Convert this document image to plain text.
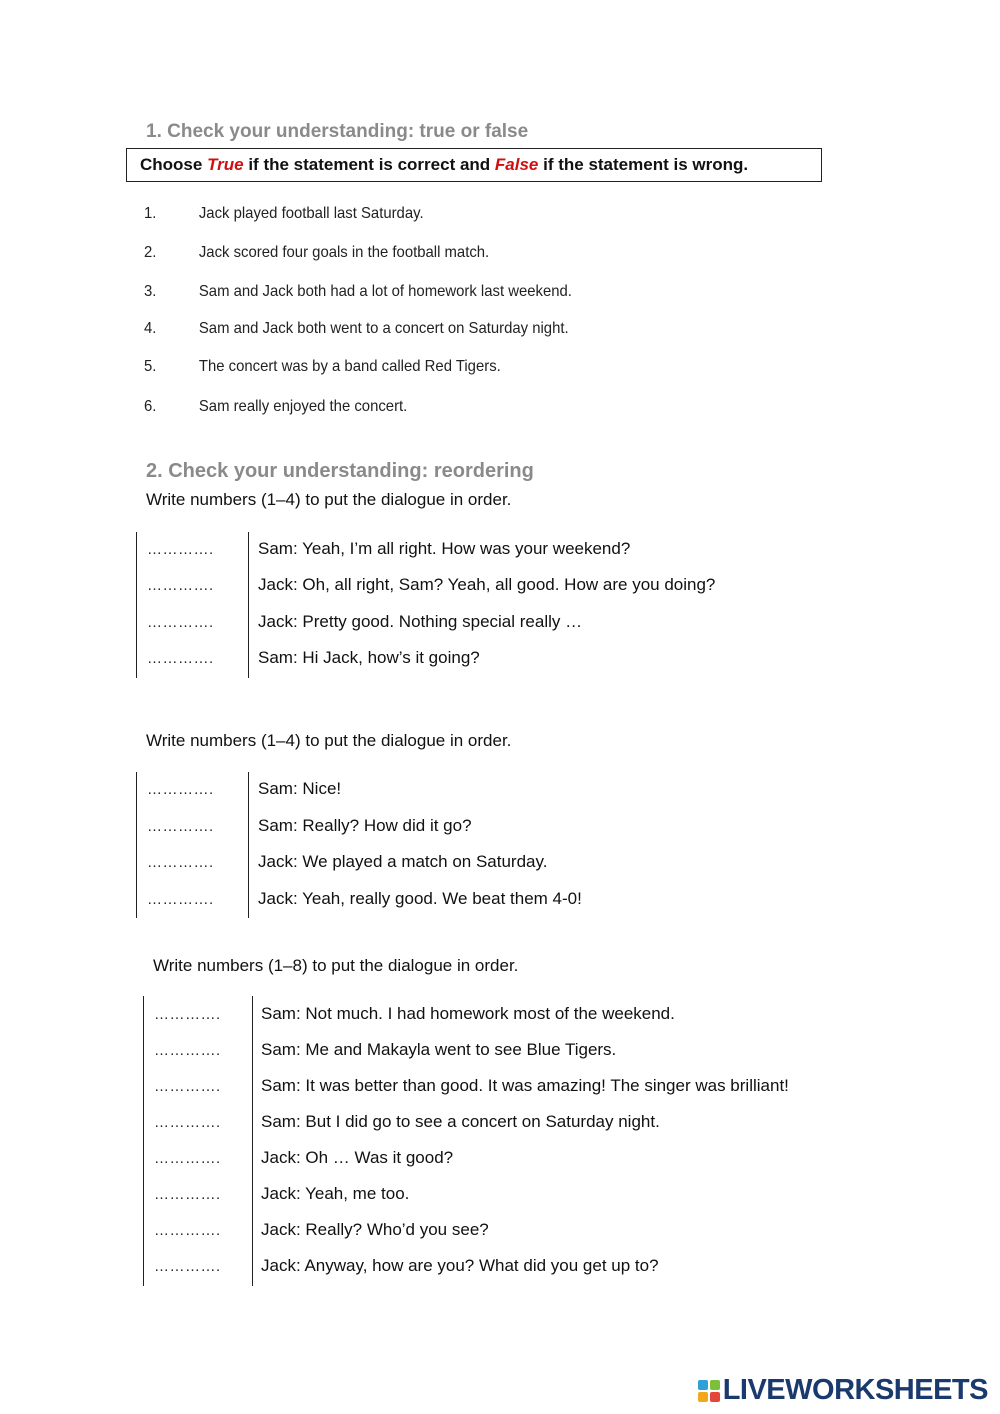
1. Check your understanding: true or false
Choose True if the statement is correct and False if the statement is wrong.
1.	Jack played football last Saturday.
2.	Jack scored four goals in the football match.
3.	Sam and Jack both had a lot of homework last weekend.
4.	Sam and Jack both went to a concert on Saturday night.
5.	The concert was by a band called Red Tigers.
6.	Sam really enjoyed the concert.
2. Check your understanding: reordering
Write numbers (1–4) to put the dialogue in order.
………….	Sam: Yeah, I’m all right. How was your weekend?
………….	Jack: Oh, all right, Sam? Yeah, all good. How are you doing?
………….	Jack: Pretty good. Nothing special really …
………….	Sam: Hi Jack, how’s it going?
Write numbers (1–4) to put the dialogue in order.
………….	Sam: Nice!
………….	Sam: Really? How did it go?
………….	Jack: We played a match on Saturday.
………….	Jack: Yeah, really good. We beat them 4-0!
Write numbers (1–8) to put the dialogue in order.
…………. Sam: Not much. I had homework most of the weekend.
…………. Sam: Me and Makayla went to see Blue Tigers.
…………. Sam: It was better than good. It was amazing! The singer was brilliant!
…………. Sam: But I did go to see a concert on Saturday night.
…………. Jack: Oh … Was it good?
…………. Jack: Yeah, me too.
…………. Jack: Really? Who’d you see?
…………. Jack: Anyway, how are you? What did you get up to?
LIVEWORKSHEETS
